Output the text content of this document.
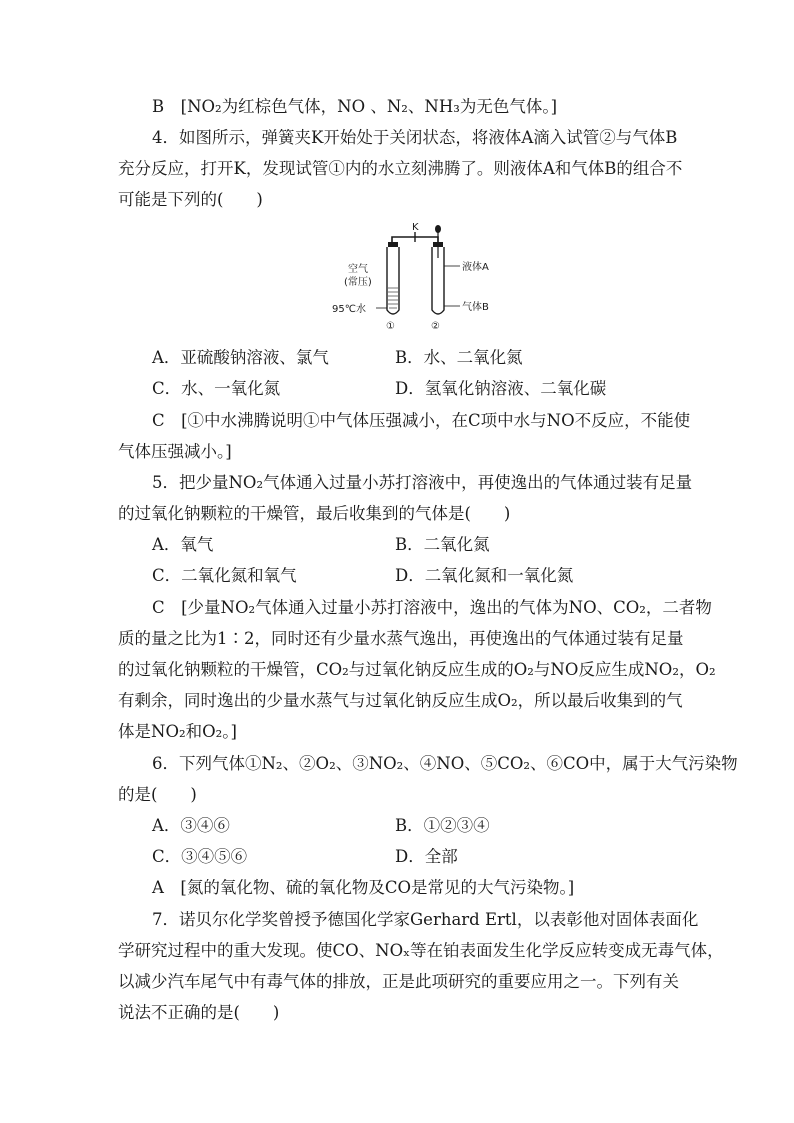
B　[NO₂为红棕色气体，NO 、N₂、NH₃为无色气体。]
4．如图所示，弹簧夹K开始处于关闭状态，将液体A滴入试管②与气体B
充分反应，打开K，发现试管①内的水立刻沸腾了。则液体A和气体B的组合不
可能是下列的(　　)
K
液体A
气体B
空气
(常压)
95℃水
①	②
A．亚硫酸钠溶液、氯气	B．水、二氧化氮
C．水、一氧化氮	D．氢氧化钠溶液、二氧化碳
C　[①中水沸腾说明①中气体压强减小，在C项中水与NO不反应，不能使
气体压强减小。]
5．把少量NO₂气体通入过量小苏打溶液中，再使逸出的气体通过装有足量
的过氧化钠颗粒的干燥管，最后收集到的气体是(　　)
A．氧气	B．二氧化氮
C．二氧化氮和氧气	D．二氧化氮和一氧化氮
C　[少量NO₂气体通入过量小苏打溶液中，逸出的气体为NO、CO₂，二者物
质的量之比为1∶2，同时还有少量水蒸气逸出，再使逸出的气体通过装有足量
的过氧化钠颗粒的干燥管，CO₂与过氧化钠反应生成的O₂与NO反应生成NO₂，O₂
有剩余，同时逸出的少量水蒸气与过氧化钠反应生成O₂，所以最后收集到的气
体是NO₂和O₂。]
6．下列气体①N₂、②O₂、③NO₂、④NO、⑤CO₂、⑥CO中，属于大气污染物
的是(　　)
A．③④⑥	B．①②③④
C．③④⑤⑥	D．全部
A　[氮的氧化物、硫的氧化物及CO是常见的大气污染物。]
7．诺贝尔化学奖曾授予德国化学家Gerhard Ertl，以表彰他对固体表面化
学研究过程中的重大发现。使CO、NOₓ等在铂表面发生化学反应转变成无毒气体，
以减少汽车尾气中有毒气体的排放，正是此项研究的重要应用之一。下列有关
说法不正确的是(　　)
